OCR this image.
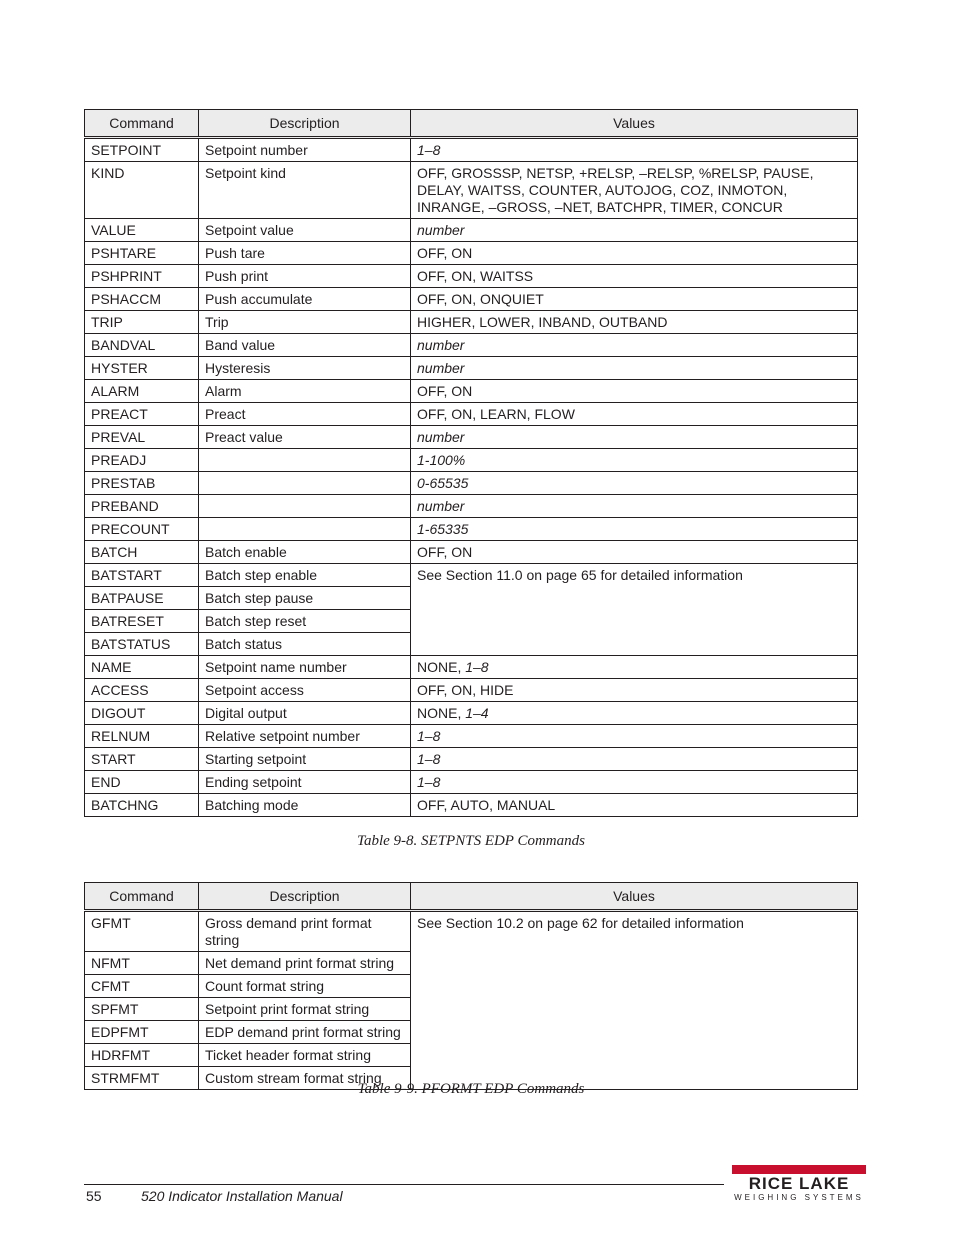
Command	Description	Values
SETPOINT	Setpoint number	1–8
KIND	Setpoint kind	OFF, GROSSSP, NETSP, +RELSP, –RELSP, %RELSP, PAUSE, DELAY, WAITSS, COUNTER, AUTOJOG, COZ, INMOTON, INRANGE, –GROSS, –NET, BATCHPR, TIMER, CONCUR
VALUE	Setpoint value	number
PSHTARE	Push tare	OFF, ON
PSHPRINT	Push print	OFF, ON, WAITSS
PSHACCM	Push accumulate	OFF, ON, ONQUIET
TRIP	Trip	HIGHER, LOWER, INBAND, OUTBAND
BANDVAL	Band value	number
HYSTER	Hysteresis	number
ALARM	Alarm	OFF, ON
PREACT	Preact	OFF, ON, LEARN, FLOW
PREVAL	Preact value	number
PREADJ		1-100%
PRESTAB		0-65535
PREBAND		number
PRECOUNT		1-65335
BATCH	Batch enable	OFF, ON
BATSTART	Batch step enable	See Section 11.0 on page 65 for detailed information
BATPAUSE	Batch step pause	
BATRESET	Batch step reset	
BATSTATUS	Batch status	
NAME	Setpoint name number	NONE, 1–8
ACCESS	Setpoint access	OFF, ON, HIDE
DIGOUT	Digital output	NONE, 1–4
RELNUM	Relative setpoint number	1–8
START	Starting setpoint	1–8
END	Ending setpoint	1–8
BATCHNG	Batching mode	OFF, AUTO, MANUAL
Table 9-8. SETPNTS EDP Commands
Command	Description	Values
GFMT	Gross demand print format string	See Section 10.2 on page 62 for detailed information
NFMT	Net demand print format string	
CFMT	Count format string	
SPFMT	Setpoint print format string	
EDPFMT	EDP demand print format string	
HDRFMT	Ticket header format string	
STRMFMT	Custom stream format string	
Table 9-9. PFORMT EDP Commands
55	520 Indicator Installation Manual
RICE LAKE
WEIGHING SYSTEMS
